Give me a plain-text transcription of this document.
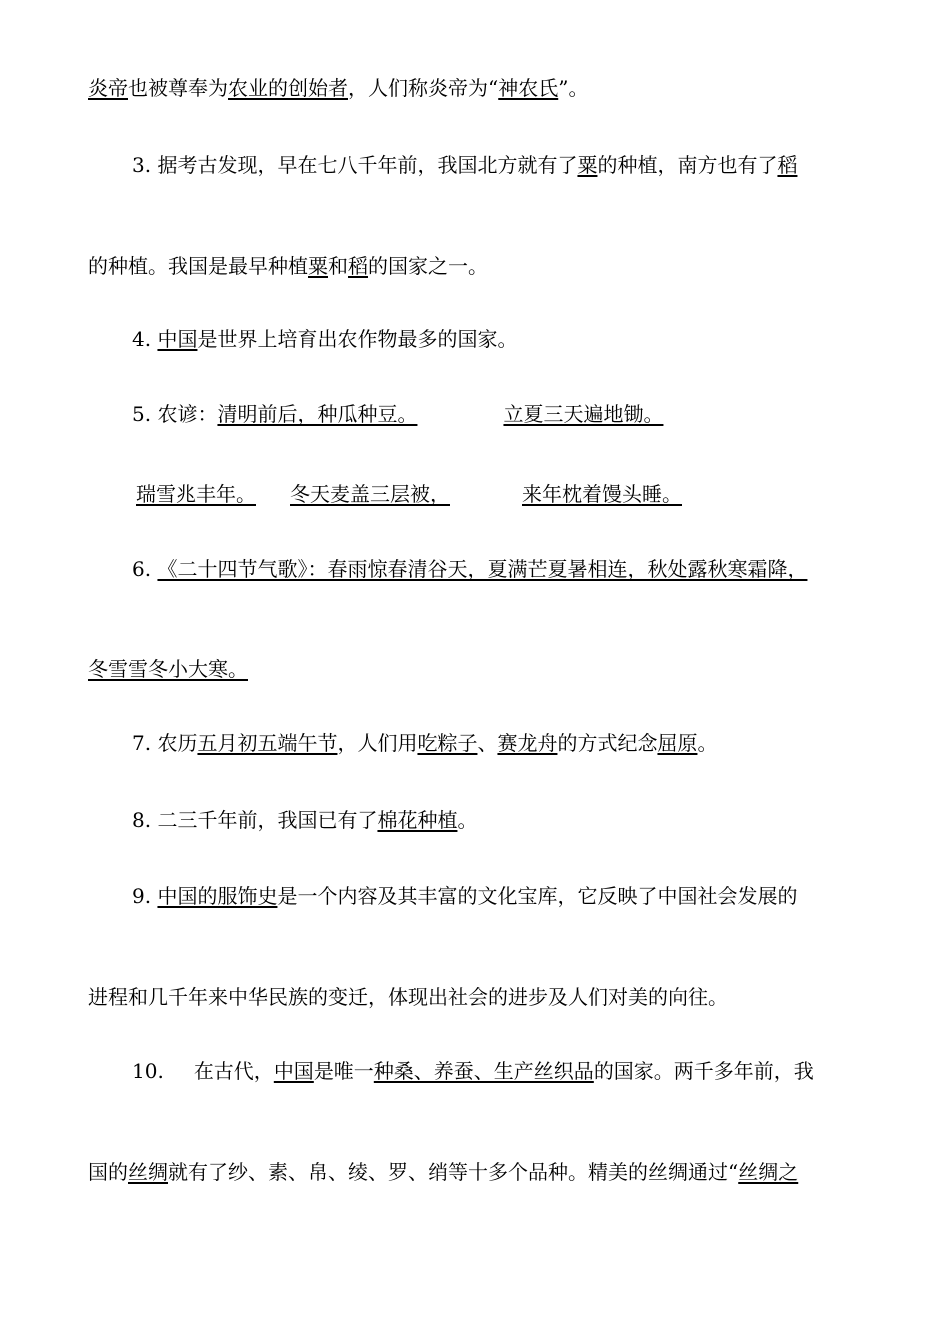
炎帝也被尊奉为农业的创始者，人们称炎帝为“神农氏”。
3. 据考古发现，早在七八千年前，我国北方就有了粟的种植，南方也有了稻
的种植。我国是最早种植粟和稻的国家之一。
4. 中国是世界上培育出农作物最多的国家。
5. 农谚：清明前后，种瓜种豆。	立夏三天遍地锄。
瑞雪兆丰年。 冬天麦盖三层被，	来年枕着馒头睡。
6. 《二十四节气歌》：春雨惊春清谷天，夏满芒夏暑相连，秋处露秋寒霜降，
冬雪雪冬小大寒。
7. 农历五月初五端午节，人们用吃粽子、赛龙舟的方式纪念屈原。
8. 二三千年前，我国已有了棉花种植。
9. 中国的服饰史是一个内容及其丰富的文化宝库，它反映了中国社会发展的
进程和几千年来中华民族的变迁，体现出社会的进步及人们对美的向往。
10. 在古代，中国是唯一种桑、养蚕、生产丝织品的国家。两千多年前，我
国的丝绸就有了纱、素、帛、绫、罗、绡等十多个品种。精美的丝绸通过“丝绸之
